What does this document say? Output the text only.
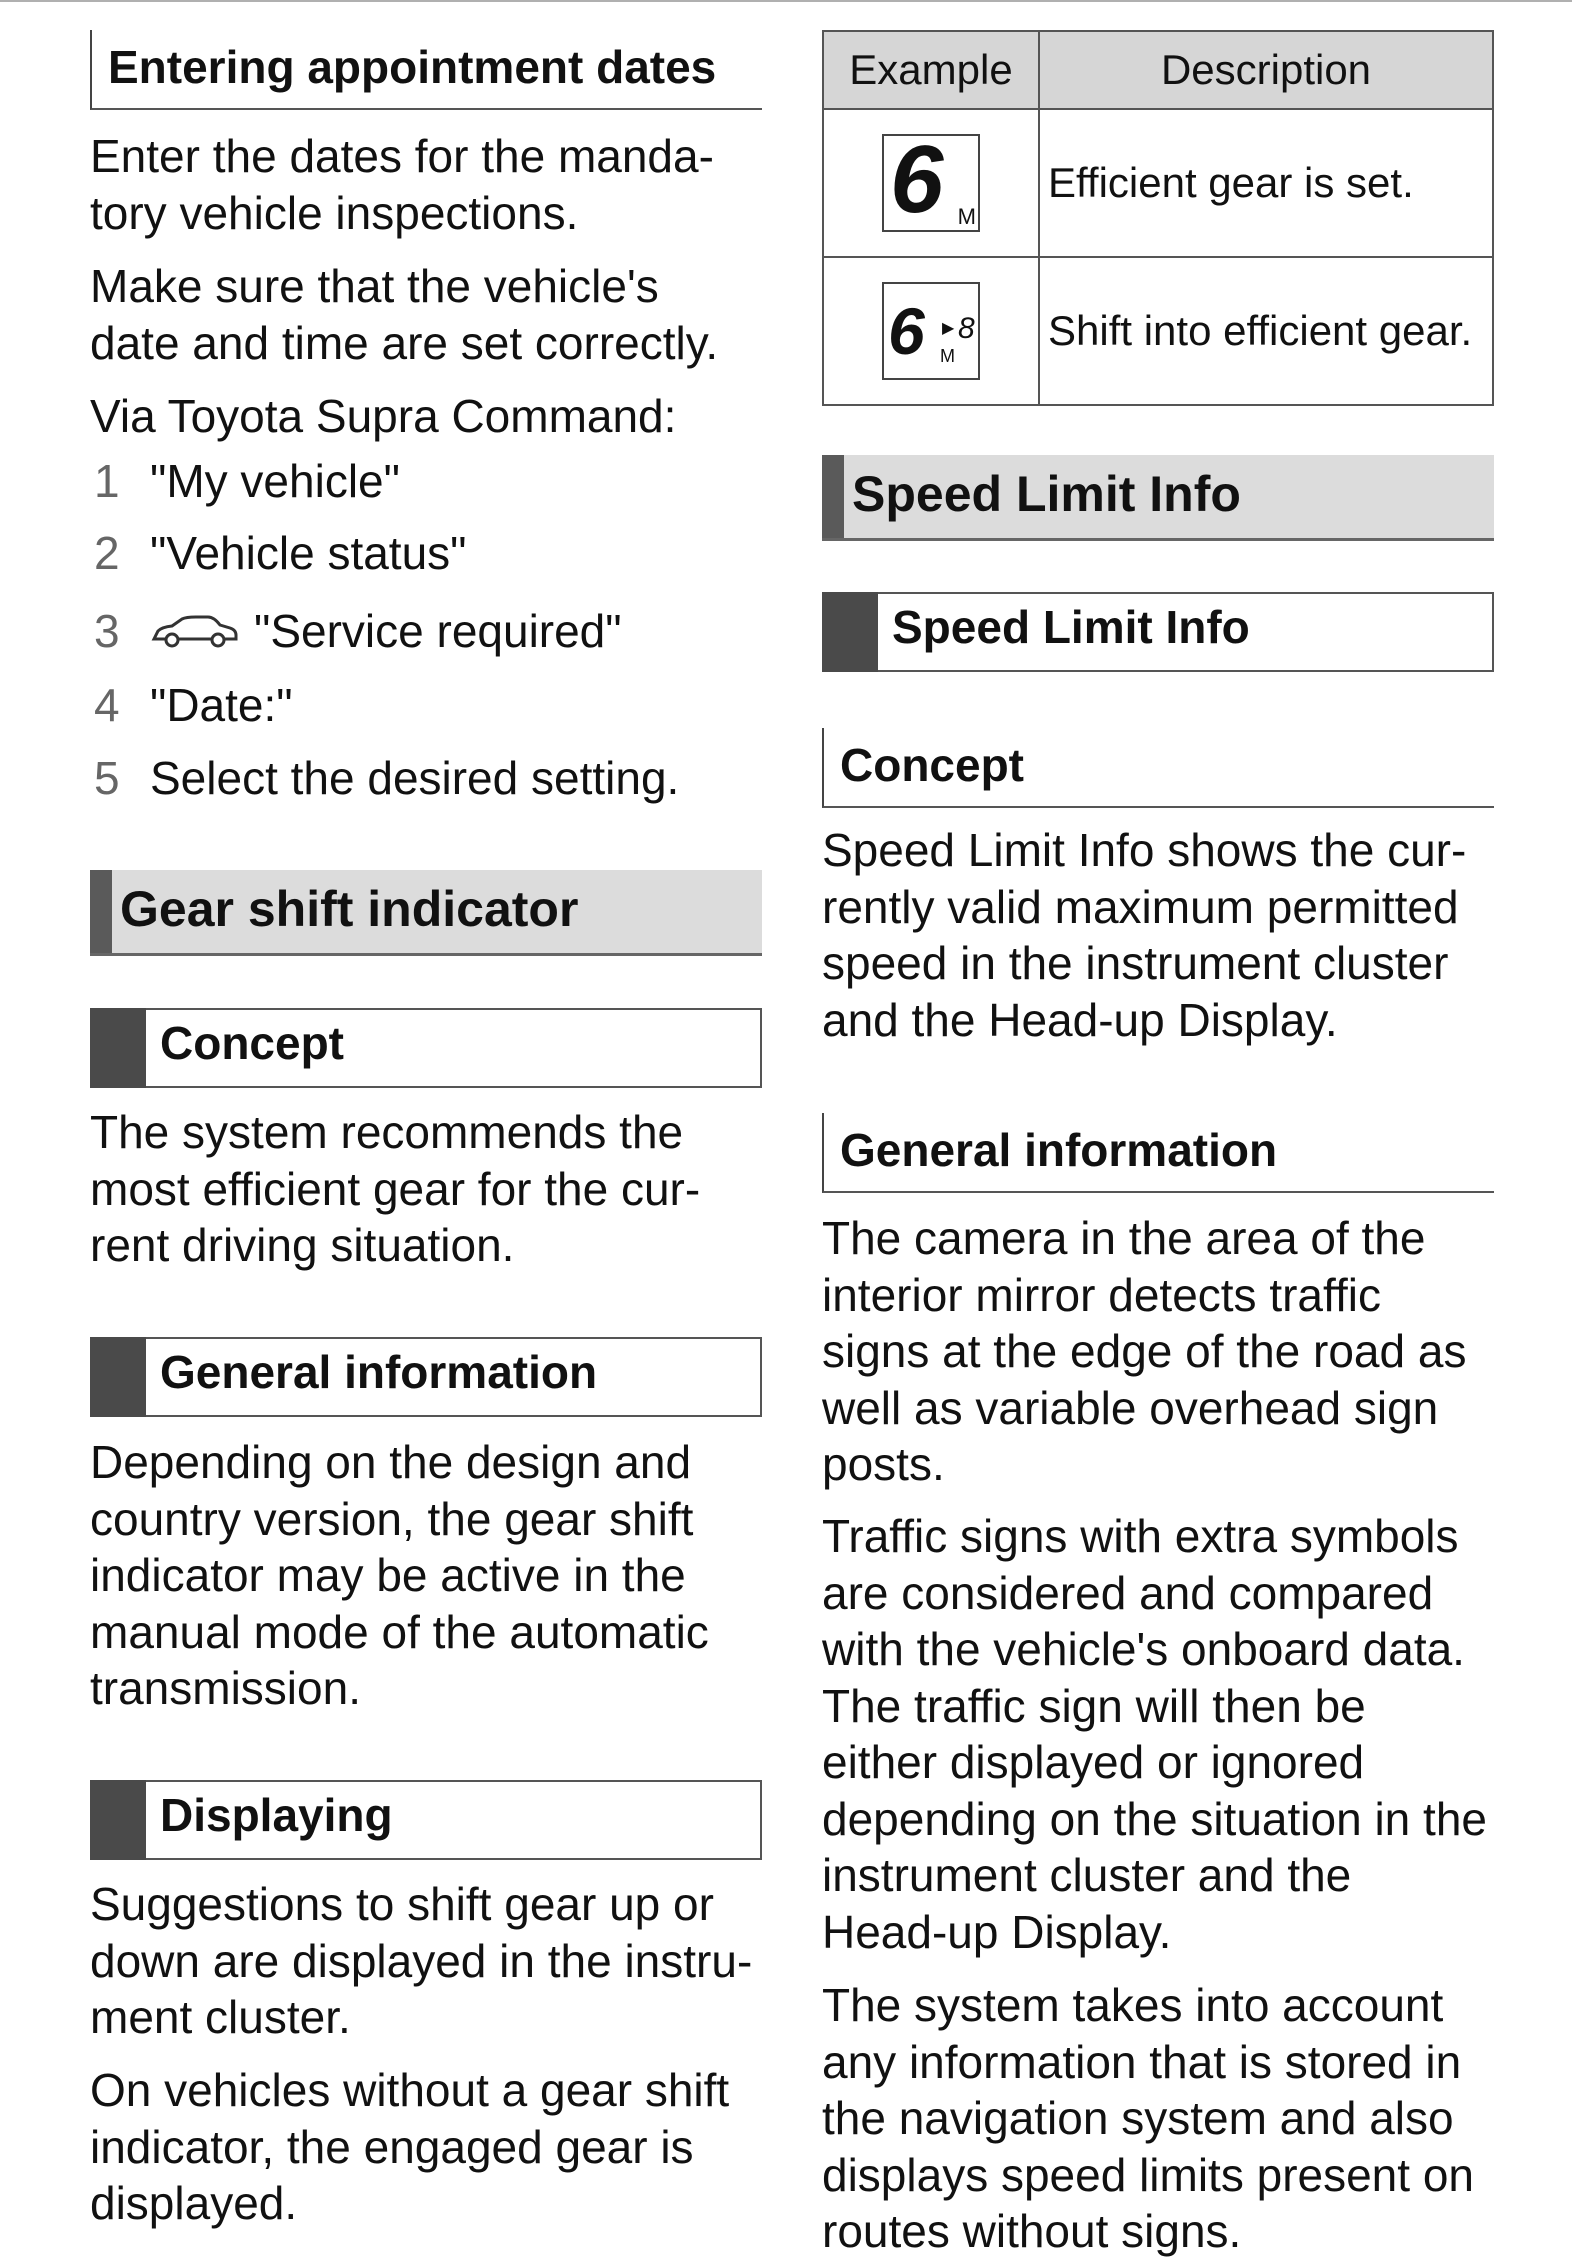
Entering appointment dates
Enter the dates for the manda-
tory vehicle inspections.
Make sure that the vehicle's
date and time are set correctly.
Via Toyota Supra Command:
1 "My vehicle"
2 "Vehicle status"
3	"Service required"
4 "Date:"
5 Select the desired setting.
Gear shift indicator
Concept
The system recommends the
most efficient gear for the cur-
rent driving situation.
General information
Depending on the design and
country version, the gear shift
indicator may be active in the
manual mode of the automatic
transmission.
Displaying
Suggestions to shift gear up or
down are displayed in the instru-
ment cluster.
On vehicles without a gear shift
indicator, the engaged gear is
displayed.
Example	Description

6 M	Efficient gear is set.

6 ▶ 8
M	Shift into efficient gear.
Speed Limit Info
Speed Limit Info
Concept
Speed Limit Info shows the cur-
rently valid maximum permitted
speed in the instrument cluster
and the Head-up Display.
General information
The camera in the area of the
interior mirror detects traffic
signs at the edge of the road as
well as variable overhead sign
posts.
Traffic signs with extra symbols
are considered and compared
with the vehicle's onboard data.
The traffic sign will then be
either displayed or ignored
depending on the situation in the
instrument cluster and the
Head-up Display.
The system takes into account
any information that is stored in
the navigation system and also
displays speed limits present on
routes without signs.
